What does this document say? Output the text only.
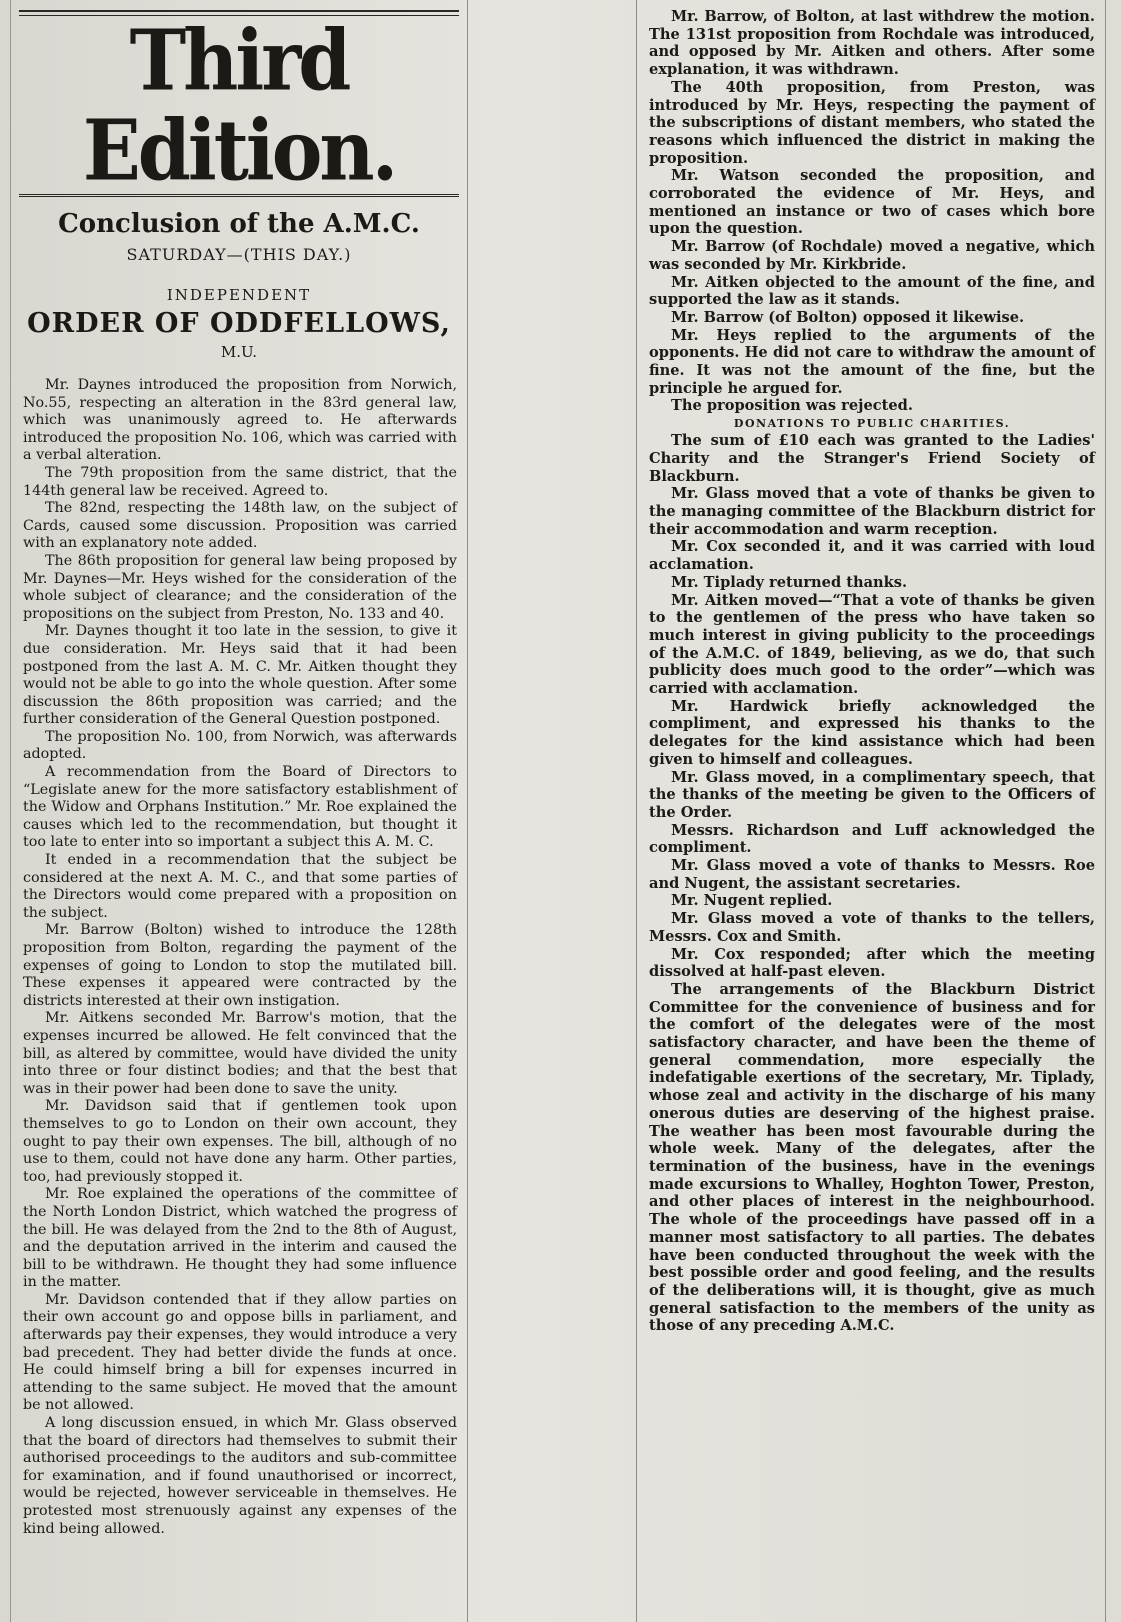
Third Edition.
Conclusion of the A.M.C.
SATURDAY—(THIS DAY.)
INDEPENDENT
ORDER OF ODDFELLOWS,
M.U.

Mr. Daynes introduced the proposition from Norwich, No.55, respecting an alteration in the 83rd general law, which was unanimously agreed to. He afterwards introduced the proposition No. 106, which was carried with a verbal alteration.

The 79th proposition from the same district, that the 144th general law be received. Agreed to.

The 82nd, respecting the 148th law, on the subject of Cards, caused some discussion. Proposition was carried with an explanatory note added.

The 86th proposition for general law being proposed by Mr. Daynes—Mr. Heys wished for the consideration of the whole subject of clearance; and the consideration of the propositions on the subject from Preston, No. 133 and 40.

Mr. Daynes thought it too late in the session, to give it due consideration. Mr. Heys said that it had been postponed from the last A. M. C. Mr. Aitken thought they would not be able to go into the whole question. After some discussion the 86th proposition was carried; and the further consideration of the General Question postponed.

The proposition No. 100, from Norwich, was afterwards adopted.

A recommendation from the Board of Directors to “Legislate anew for the more satisfactory establishment of the Widow and Orphans Institution.” Mr. Roe explained the causes which led to the recommendation, but thought it too late to enter into so important a subject this A. M. C.

It ended in a recommendation that the subject be considered at the next A. M. C., and that some parties of the Directors would come prepared with a proposition on the subject.

Mr. Barrow (Bolton) wished to introduce the 128th proposition from Bolton, regarding the payment of the expenses of going to London to stop the mutilated bill. These expenses it appeared were contracted by the districts interested at their own instigation.

Mr. Aitkens seconded Mr. Barrow's motion, that the expenses incurred be allowed. He felt convinced that the bill, as altered by committee, would have divided the unity into three or four distinct bodies; and that the best that was in their power had been done to save the unity.

Mr. Davidson said that if gentlemen took upon themselves to go to London on their own account, they ought to pay their own expenses. The bill, although of no use to them, could not have done any harm. Other parties, too, had previously stopped it.

Mr. Roe explained the operations of the committee of the North London District, which watched the progress of the bill. He was delayed from the 2nd to the 8th of August, and the deputation arrived in the interim and caused the bill to be withdrawn. He thought they had some influence in the matter.

Mr. Davidson contended that if they allow parties on their own account go and oppose bills in parliament, and afterwards pay their expenses, they would introduce a very bad precedent. They had better divide the funds at once. He could himself bring a bill for expenses incurred in attending to the same subject. He moved that the amount be not allowed.

A long discussion ensued, in which Mr. Glass observed that the board of directors had themselves to submit their authorised proceedings to the auditors and sub-committee for examination, and if found unauthorised or incorrect, would be rejected, however serviceable in themselves. He protested most strenuously against any expenses of the kind being allowed.

Mr. Barrow, of Bolton, at last withdrew the motion. The 131st proposition from Rochdale was introduced, and opposed by Mr. Aitken and others. After some explanation, it was withdrawn.

The 40th proposition, from Preston, was introduced by Mr. Heys, respecting the payment of the subscriptions of distant members, who stated the reasons which influenced the district in making the proposition.

Mr. Watson seconded the proposition, and corroborated the evidence of Mr. Heys, and mentioned an instance or two of cases which bore upon the question.

Mr. Barrow (of Rochdale) moved a negative, which was seconded by Mr. Kirkbride.

Mr. Aitken objected to the amount of the fine, and supported the law as it stands.

Mr. Barrow (of Bolton) opposed it likewise.

Mr. Heys replied to the arguments of the opponents. He did not care to withdraw the amount of fine. It was not the amount of the fine, but the principle he argued for.

The proposition was rejected.

DONATIONS TO PUBLIC CHARITIES.

The sum of £10 each was granted to the Ladies' Charity and the Stranger's Friend Society of Blackburn.

Mr. Glass moved that a vote of thanks be given to the managing committee of the Blackburn district for their accommodation and warm reception.

Mr. Cox seconded it, and it was carried with loud acclamation.

Mr. Tiplady returned thanks.

Mr. Aitken moved—“That a vote of thanks be given to the gentlemen of the press who have taken so much interest in giving publicity to the proceedings of the A.M.C. of 1849, believing, as we do, that such publicity does much good to the order”—which was carried with acclamation.

Mr. Hardwick briefly acknowledged the compliment, and expressed his thanks to the delegates for the kind assistance which had been given to himself and colleagues.

Mr. Glass moved, in a complimentary speech, that the thanks of the meeting be given to the Officers of the Order.

Messrs. Richardson and Luff acknowledged the compliment.

Mr. Glass moved a vote of thanks to Messrs. Roe and Nugent, the assistant secretaries.

Mr. Nugent replied.

Mr. Glass moved a vote of thanks to the tellers, Messrs. Cox and Smith.

Mr. Cox responded; after which the meeting dissolved at half-past eleven.

The arrangements of the Blackburn District Committee for the convenience of business and for the comfort of the delegates were of the most satisfactory character, and have been the theme of general commendation, more especially the indefatigable exertions of the secretary, Mr. Tiplady, whose zeal and activity in the discharge of his many onerous duties are deserving of the highest praise. The weather has been most favourable during the whole week. Many of the delegates, after the termination of the business, have in the evenings made excursions to Whalley, Hoghton Tower, Preston, and other places of interest in the neighbourhood. The whole of the proceedings have passed off in a manner most satisfactory to all parties. The debates have been conducted throughout the week with the best possible order and good feeling, and the results of the deliberations will, it is thought, give as much general satisfaction to the members of the unity as those of any preceding A.M.C.
